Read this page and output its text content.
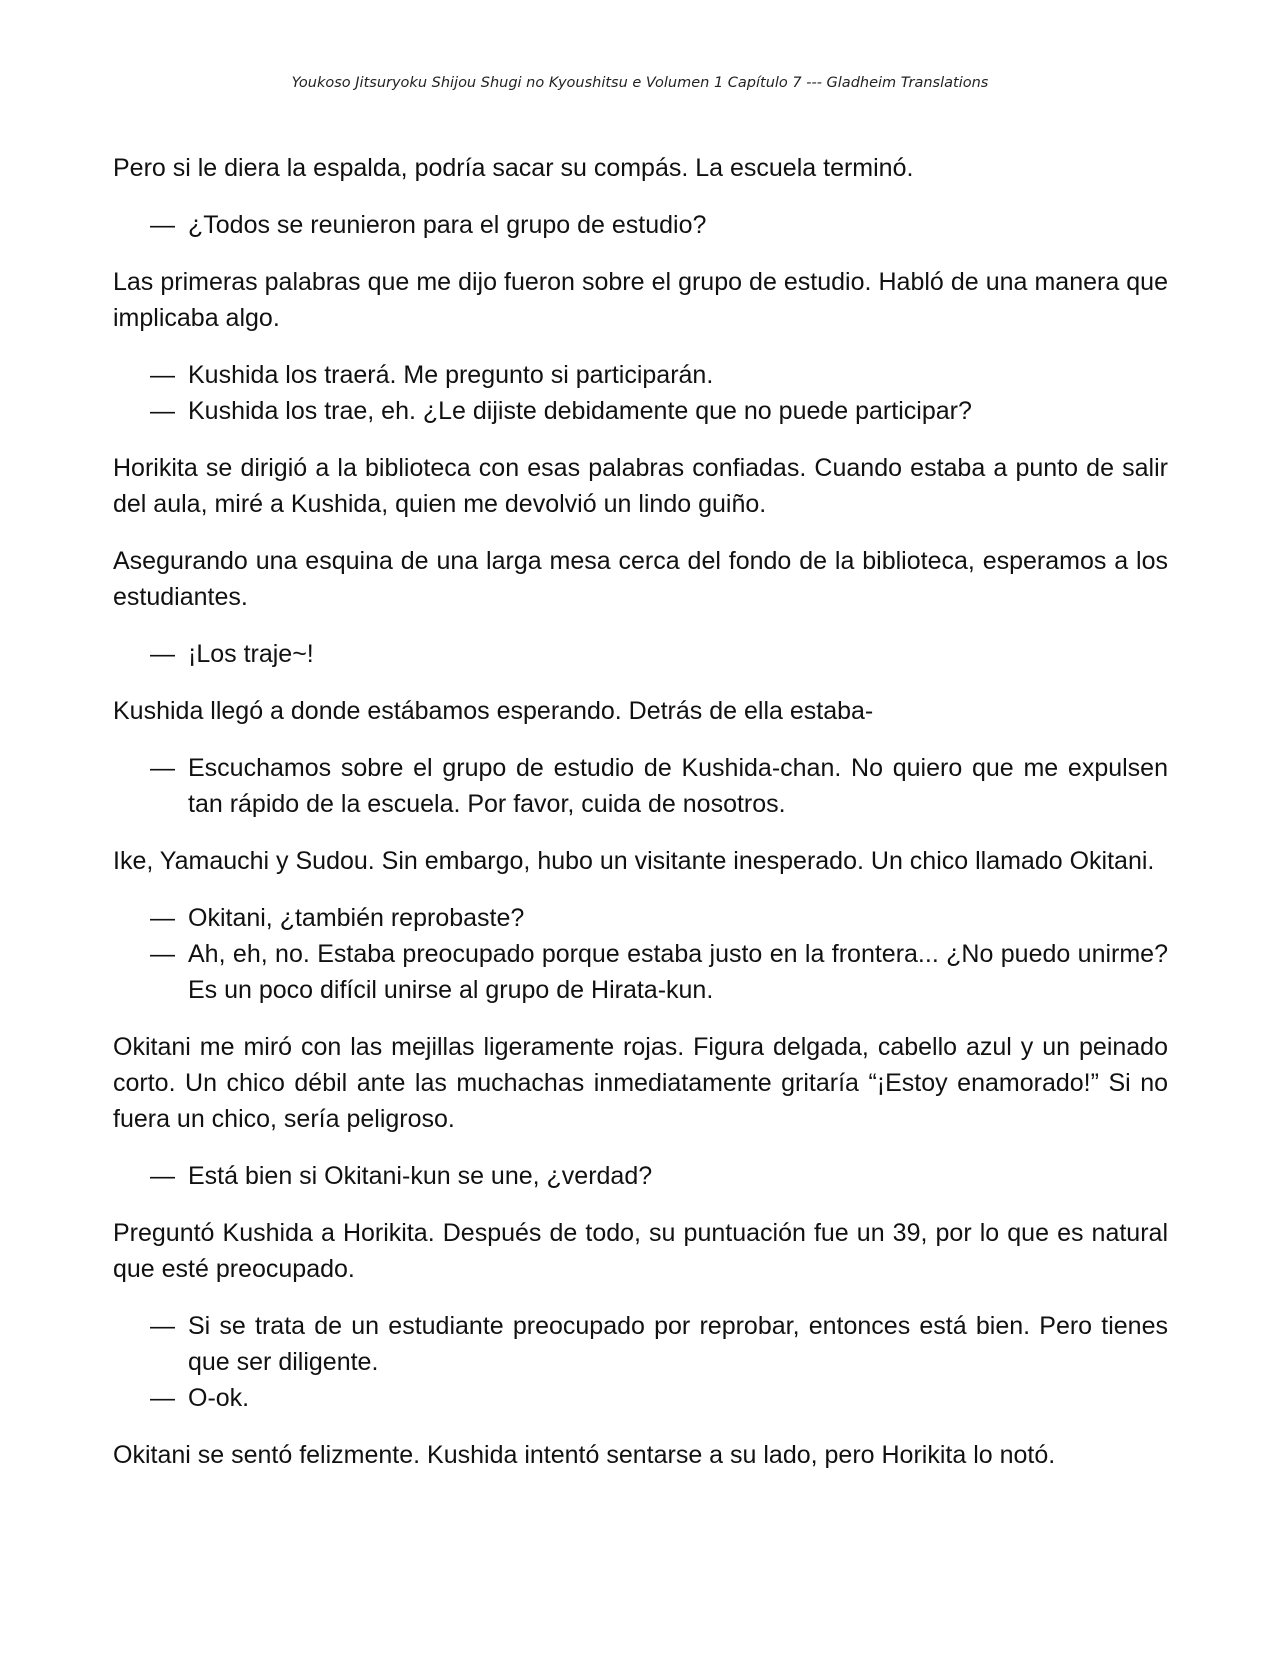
Youkoso Jitsuryoku Shijou Shugi no Kyoushitsu e Volumen 1 Capítulo 7 --- Gladheim Translations

Pero si le diera la espalda, podría sacar su compás. La escuela terminó.

— ¿Todos se reunieron para el grupo de estudio?

Las primeras palabras que me dijo fueron sobre el grupo de estudio. Habló de una manera que implicaba algo.

— Kushida los traerá. Me pregunto si participarán.
— Kushida los trae, eh. ¿Le dijiste debidamente que no puede participar?

Horikita se dirigió a la biblioteca con esas palabras confiadas. Cuando estaba a punto de salir del aula, miré a Kushida, quien me devolvió un lindo guiño.

Asegurando una esquina de una larga mesa cerca del fondo de la biblioteca, esperamos a los estudiantes.

— ¡Los traje~!

Kushida llegó a donde estábamos esperando. Detrás de ella estaba-

— Escuchamos sobre el grupo de estudio de Kushida-chan. No quiero que me expulsen tan rápido de la escuela. Por favor, cuida de nosotros.

Ike, Yamauchi y Sudou. Sin embargo, hubo un visitante inesperado. Un chico llamado Okitani.

— Okitani, ¿también reprobaste?
— Ah, eh, no. Estaba preocupado porque estaba justo en la frontera... ¿No puedo unirme? Es un poco difícil unirse al grupo de Hirata-kun.

Okitani me miró con las mejillas ligeramente rojas. Figura delgada, cabello azul y un peinado corto. Un chico débil ante las muchachas inmediatamente gritaría “¡Estoy enamorado!” Si no fuera un chico, sería peligroso.

— Está bien si Okitani-kun se une, ¿verdad?

Preguntó Kushida a Horikita. Después de todo, su puntuación fue un 39, por lo que es natural que esté preocupado.

— Si se trata de un estudiante preocupado por reprobar, entonces está bien. Pero tienes que ser diligente.
— O-ok.

Okitani se sentó felizmente. Kushida intentó sentarse a su lado, pero Horikita lo notó.
